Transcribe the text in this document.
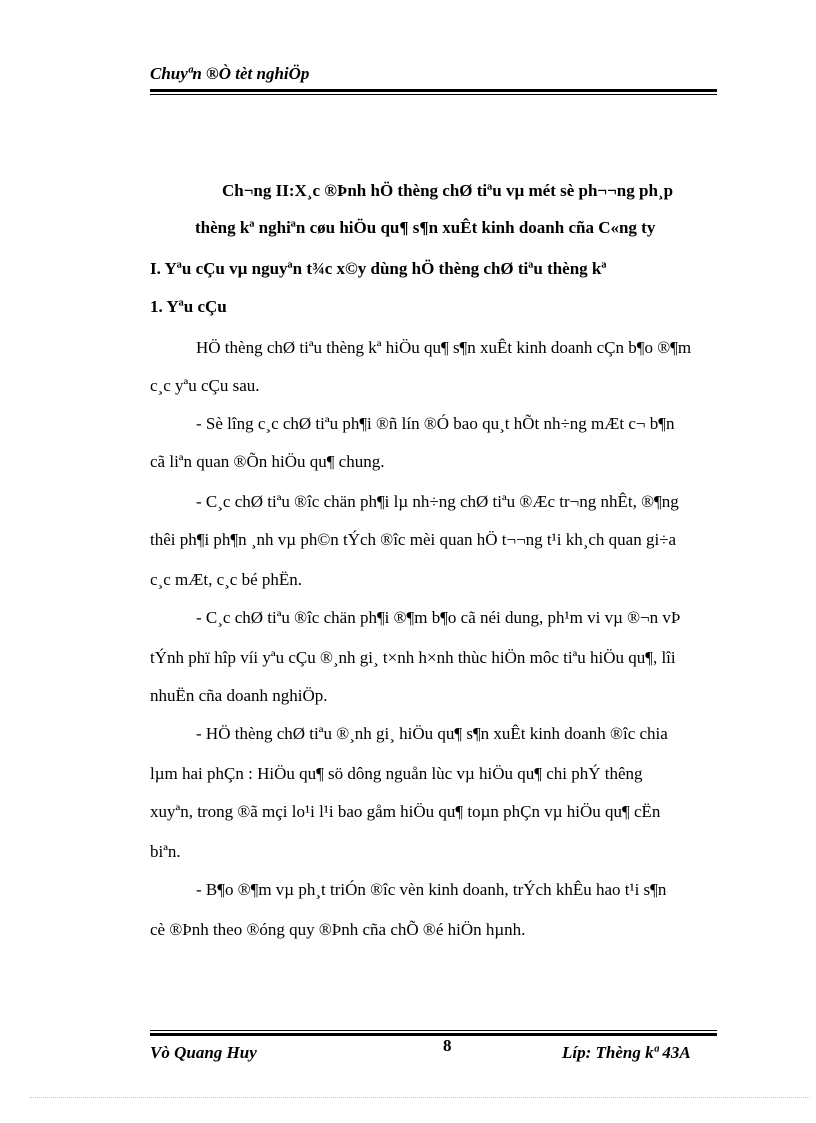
Chuyªn ®Ò tèt nghiÖp
Ch¬ng II:X¸c ®Þnh hÖ thèng chØ tiªu vµ mét sè ph¬¬ng ph¸p
thèng kª nghiªn cøu hiÖu qu¶ s¶n xuÊt kinh doanh cña C«ng ty
I. Yªu cÇu vµ nguyªn t¾c x©y dùng hÖ thèng chØ tiªu thèng kª
1. Yªu cÇu
HÖ thèng chØ tiªu thèng kª hiÖu qu¶ s¶n xuÊt kinh doanh cÇn b¶o ®¶m
c¸c yªu cÇu sau.
- Sè lîng c¸c chØ tiªu ph¶i ®ñ lín ®Ó bao qu¸t hÕt nh÷ng mÆt c¬ b¶n
cã liªn quan ®Õn hiÖu qu¶ chung.
- C¸c chØ tiªu ®îc chän ph¶i lµ nh÷ng chØ tiªu ®Æc tr¬ng nhÊt, ®¶ng
thêi ph¶i ph¶n ¸nh vµ ph©n tÝch ®îc mèi quan hÖ t¬¬ng t¹i kh¸ch quan gi÷a
c¸c mÆt, c¸c bé phËn.
- C¸c chØ tiªu ®îc chän ph¶i ®¶m b¶o cã néi dung, ph¹m vi vµ ®¬n vÞ
tÝnh phï hîp víi yªu cÇu ®¸nh gi¸ t×nh h×nh thùc hiÖn môc tiªu hiÖu qu¶, lîi
nhuËn cña doanh nghiÖp.
- HÖ thèng chØ tiªu ®¸nh gi¸ hiÖu qu¶ s¶n xuÊt kinh doanh ®îc chia
lµm hai phÇn : HiÖu qu¶ sö dông nguån lùc vµ hiÖu qu¶ chi phÝ thêng
xuyªn, trong ®ã mçi lo¹i l¹i bao gåm hiÖu qu¶ toµn phÇn vµ hiÖu qu¶ cËn
biªn.
- B¶o ®¶m vµ ph¸t triÓn ®îc vèn kinh doanh, trÝch khÊu hao t¹i s¶n
cè ®Þnh theo ®óng quy ®Þnh cña chÕ ®é hiÖn hµnh.
Vò Quang Huy	8	Líp: Thèng kª 43A
